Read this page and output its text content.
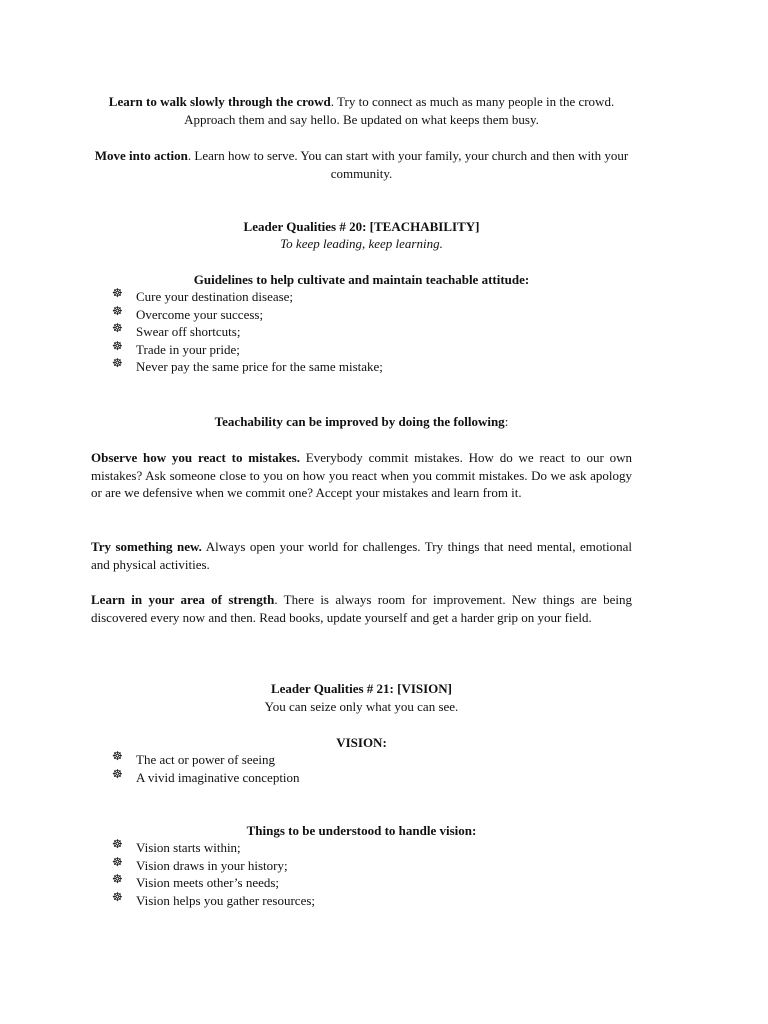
Learn to walk slowly through the crowd. Try to connect as much as many people in the crowd. Approach them and say hello. Be updated on what keeps them busy.

Move into action. Learn how to serve. You can start with your family, your church and then with your community.

Leader Qualities # 20: [TEACHABILITY]

To keep leading, keep learning.

Guidelines to help cultivate and maintain teachable attitude:

☸ Cure your destination disease;
☸ Overcome your success;
☸ Swear off shortcuts;
☸ Trade in your pride;
☸ Never pay the same price for the same mistake;

Teachability can be improved by doing the following:

Observe how you react to mistakes. Everybody commit mistakes. How do we react to our own mistakes? Ask someone close to you on how you react when you commit mistakes. Do we ask apology or are we defensive when we commit one? Accept your mistakes and learn from it.

Try something new. Always open your world for challenges. Try things that need mental, emotional and physical activities.

Learn in your area of strength. There is always room for improvement. New things are being discovered every now and then. Read books, update yourself and get a harder grip on your field.

Leader Qualities # 21: [VISION]

You can seize only what you can see.

VISION:

☸ The act or power of seeing
☸ A vivid imaginative conception

Things to be understood to handle vision:

☸ Vision starts within;
☸ Vision draws in your history;
☸ Vision meets other’s needs;
☸ Vision helps you gather resources;
